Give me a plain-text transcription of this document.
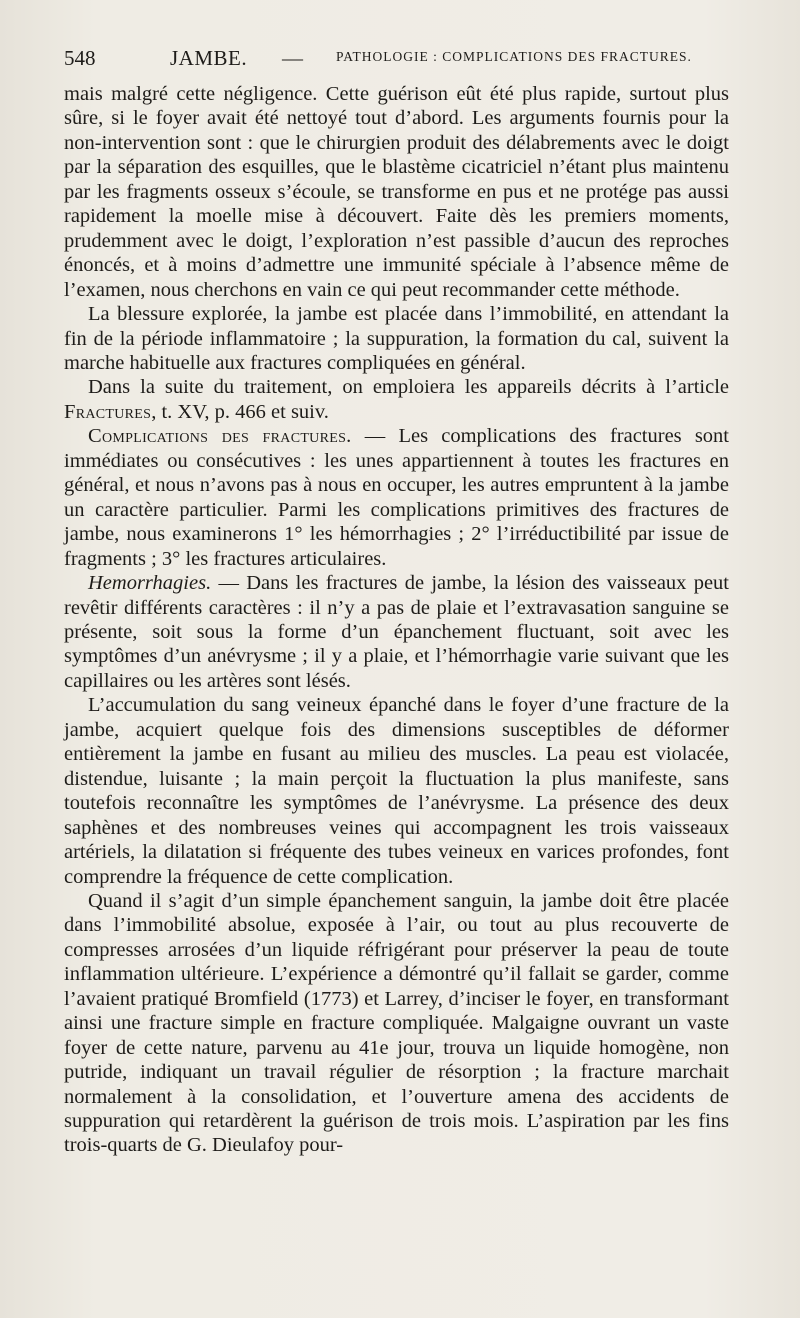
548	JAMBE. — PATHOLOGIE : COMPLICATIONS DES FRACTURES.

mais malgré cette négligence. Cette guérison eût été plus rapide, surtout plus sûre, si le foyer avait été nettoyé tout d’abord. Les arguments fournis pour la non-intervention sont : que le chirurgien produit des délabrements avec le doigt par la séparation des esquilles, que le blastème cicatriciel n’étant plus maintenu par les fragments osseux s’écoule, se transforme en pus et ne protége pas aussi rapidement la moelle mise à découvert. Faite dès les premiers moments, prudemment avec le doigt, l’exploration n’est passible d’aucun des reproches énoncés, et à moins d’admettre une immunité spéciale à l’absence même de l’examen, nous cherchons en vain ce qui peut recommander cette méthode.

La blessure explorée, la jambe est placée dans l’immobilité, en attendant la fin de la période inflammatoire ; la suppuration, la formation du cal, suivent la marche habituelle aux fractures compliquées en général.

Dans la suite du traitement, on emploiera les appareils décrits à l’article Fractures, t. XV, p. 466 et suiv.

Complications des fractures. — Les complications des fractures sont immédiates ou consécutives : les unes appartiennent à toutes les fractures en général, et nous n’avons pas à nous en occuper, les autres empruntent à la jambe un caractère particulier. Parmi les complications primitives des fractures de jambe, nous examinerons 1° les hémorrhagies ; 2° l’irréductibilité par issue de fragments ; 3° les fractures articulaires.

Hemorrhagies. — Dans les fractures de jambe, la lésion des vaisseaux peut revêtir différents caractères : il n’y a pas de plaie et l’extravasation sanguine se présente, soit sous la forme d’un épanchement fluctuant, soit avec les symptômes d’un anévrysme ; il y a plaie, et l’hémorrhagie varie suivant que les capillaires ou les artères sont lésés.

L’accumulation du sang veineux épanché dans le foyer d’une fracture de la jambe, acquiert quelque fois des dimensions susceptibles de déformer entièrement la jambe en fusant au milieu des muscles. La peau est violacée, distendue, luisante ; la main perçoit la fluctuation la plus manifeste, sans toutefois reconnaître les symptômes de l’anévrysme. La présence des deux saphènes et des nombreuses veines qui accompagnent les trois vaisseaux artériels, la dilatation si fréquente des tubes veineux en varices profondes, font comprendre la fréquence de cette complication.

Quand il s’agit d’un simple épanchement sanguin, la jambe doit être placée dans l’immobilité absolue, exposée à l’air, ou tout au plus recouverte de compresses arrosées d’un liquide réfrigérant pour préserver la peau de toute inflammation ultérieure. L’expérience a démontré qu’il fallait se garder, comme l’avaient pratiqué Bromfield (1773) et Larrey, d’inciser le foyer, en transformant ainsi une fracture simple en fracture compliquée. Malgaigne ouvrant un vaste foyer de cette nature, parvenu au 41e jour, trouva un liquide homogène, non putride, indiquant un travail régulier de résorption ; la fracture marchait normalement à la consolidation, et l’ouverture amena des accidents de suppuration qui retardèrent la guérison de trois mois. L’aspiration par les fins trois-quarts de G. Dieulafoy pour-
